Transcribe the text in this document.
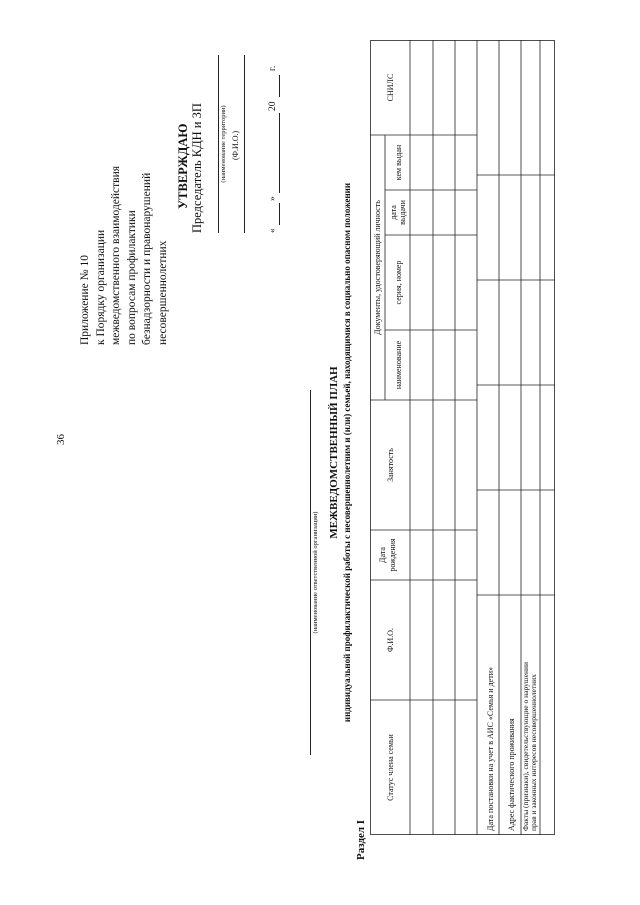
36
Приложение № 10 к Порядку организации межведомственного взаимодействия по вопросам профилактики безнадзорности и правонарушений несовершеннолетних
УТВЕРЖДАЮ Председатель КДН и ЗП (наименование территории) (Ф.И.О.)
«
»
20
г.
(наименование ответственной организации)
МЕЖВЕДОМСТВЕННЫЙ ПЛАН индивидуальной профилактической работы с несовершеннолетним и (или) семьей, находящимися в социально опасном положении
Раздел I
Статус члена семьи
Ф.И.О.
Дата рождения
Занятость
Документы, удостоверяющий личность
наименование
серия, номер
дата выдачи
кем выдан
СНИЛС
Дата постановки на учет в АИС «Семья и дети» Адрес фактического проживания Факты (признаки), свидетельствующие о нарушении прав и законных интересов несовершеннолетних
